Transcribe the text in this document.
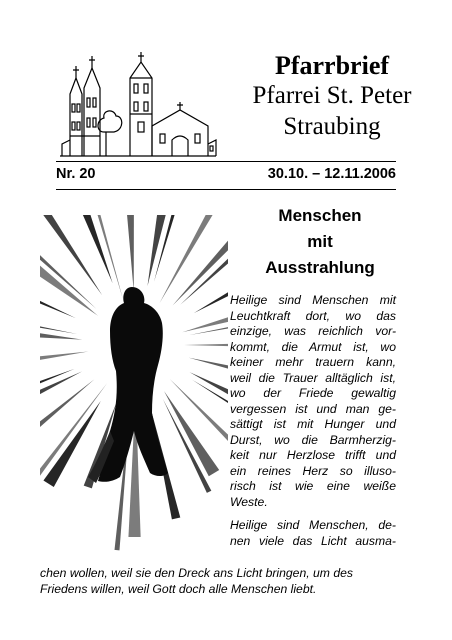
Pfarrbrief
Pfarrei St. Peter
Straubing
Nr. 20	30.10. – 12.11.2006
Menschen
mit
Ausstrahlung
Heilige sind Menschen mit
Leuchtkraft dort, wo das
einzige, was reichlich vor-
kommt, die Armut ist, wo
keiner mehr trauern kann,
weil die Trauer alltäglich ist,
wo der Friede gewaltig
vergessen ist und man ge-
sättigt ist mit Hunger und
Durst, wo die Barmherzig-
keit nur Herzlose trifft und
ein reines Herz so illuso-
risch ist wie eine weiße
Weste.
Heilige sind Menschen, de-
nen viele das Licht ausma-
chen wollen, weil sie den Dreck ans Licht bringen, um des
Friedens willen, weil Gott doch alle Menschen liebt.
